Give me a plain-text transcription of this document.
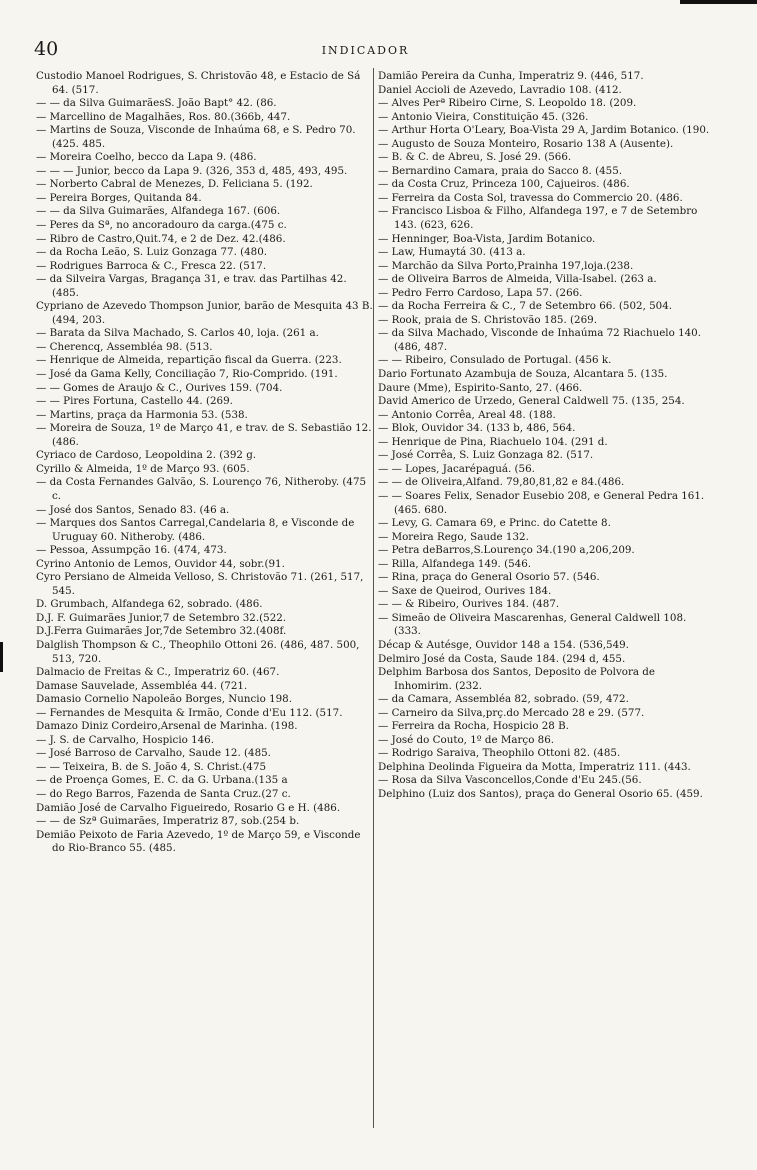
40	INDICADOR

Custodio Manoel Rodrigues, S. Christovão 48, e Estacio de Sá 64. (517.

— — da Silva GuimarãesS. João Bapt° 42. (86.

— Marcellino de Magalhães, Ros. 80.(366b, 447.

— Martins de Souza, Visconde de Inhaúma 68, e S. Pedro 70. (425. 485.

— Moreira Coelho, becco da Lapa 9. (486.

— — — Junior, becco da Lapa 9. (326, 353 d, 485, 493, 495.

— Norberto Cabral de Menezes, D. Feliciana 5. (192.

— Pereira Borges, Quitanda 84.

— — da Silva Guimarães, Alfandega 167. (606.

— Peres da Sª, no ancoradouro da carga.(475 c.

— Ribro de Castro,Quit.74, e 2 de Dez. 42.(486.

— da Rocha Leão, S. Luiz Gonzaga 77. (480.

— Rodrigues Barroca & C., Fresca 22. (517.

— da Silveira Vargas, Bragança 31, e trav. das Partilhas 42. (485.

Cypriano de Azevedo Thompson Junior, barão de Mesquita 43 B. (494, 203.

— Barata da Silva Machado, S. Carlos 40, loja. (261 a.

— Cherencq, Assembléa 98. (513.

— Henrique de Almeida, repartição fiscal da Guerra. (223.

— José da Gama Kelly, Conciliação 7, Rio-Comprido. (191.

— — Gomes de Araujo & C., Ourives 159. (704.

— — Pires Fortuna, Castello 44. (269.

— Martins, praça da Harmonia 53. (538.

— Moreira de Souza, 1º de Março 41, e trav. de S. Sebastião 12. (486.

Cyriaco de Cardoso, Leopoldina 2. (392 g.

Cyrillo & Almeida, 1º de Março 93. (605.

— da Costa Fernandes Galvão, S. Lourenço 76, Nitheroby. (475 c.

— José dos Santos, Senado 83. (46 a.

— Marques dos Santos Carregal,Candelaria 8, e Visconde de Uruguay 60. Nitheroby. (486.

— Pessoa, Assumpção 16. (474, 473.

Cyrino Antonio de Lemos, Ouvidor 44, sobr.(91.

Cyro Persiano de Almeida Velloso, S. Christovão 71. (261, 517, 545.

D. Grumbach, Alfandega 62, sobrado. (486.

D.J. F. Guimarães Junior,7 de Setembro 32.(522.

D.J.Ferra Guimarães Jor,7de Setembro 32.(408f.

Dalglish Thompson & C., Theophilo Ottoni 26. (486, 487. 500, 513, 720.

Dalmacio de Freitas & C., Imperatriz 60. (467.

Damase Sauvelade, Assembléa 44. (721.

Damasio Cornelio Napoleão Borges, Nuncio 198.

— Fernandes de Mesquita & Irmão, Conde d'Eu 112. (517.

Damazo Diniz Cordeiro,Arsenal de Marinha. (198.

— J. S. de Carvalho, Hospicio 146.

— José Barroso de Carvalho, Saude 12. (485.

— — Teixeira, B. de S. João 4, S. Christ.(475

— de Proença Gomes, E. C. da G. Urbana.(135 a

— do Rego Barros, Fazenda de Santa Cruz.(27 c.

Damião José de Carvalho Figueiredo, Rosario G e H. (486.

— — de Szª Guimarães, Imperatriz 87, sob.(254 b.

Demião Peixoto de Faria Azevedo, 1º de Março 59, e Visconde do Rio-Branco 55. (485.

Damião Pereira da Cunha, Imperatriz 9. (446, 517.

Daniel Accioli de Azevedo, Lavradio 108. (412.

— Alves Perª Ribeiro Cirne, S. Leopoldo 18. (209.

— Antonio Vieira, Constituição 45. (326.

— Arthur Horta O'Leary, Boa-Vista 29 A, Jardim Botanico. (190.

— Augusto de Souza Monteiro, Rosario 138 A (Ausente).

— B. & C. de Abreu, S. José 29. (566.

— Bernardino Camara, praia do Sacco 8. (455.

— da Costa Cruz, Princeza 100, Cajueiros. (486.

— Ferreira da Costa Sol, travessa do Commercio 20. (486.

— Francisco Lisboa & Filho, Alfandega 197, e 7 de Setembro 143. (623, 626.

— Henninger, Boa-Vista, Jardim Botanico.

— Law, Humaytá 30. (413 a.

— Marchão da Silva Porto,Prainha 197,loja.(238.

— de Oliveira Barros de Almeida, Villa-Isabel. (263 a.

— Pedro Ferro Cardoso, Lapa 57. (266.

— da Rocha Ferreira & C., 7 de Setembro 66. (502, 504.

— Rook, praia de S. Christovão 185. (269.

— da Silva Machado, Visconde de Inhaúma 72 Riachuelo 140. (486, 487.

— — Ribeiro, Consulado de Portugal. (456 k.

Dario Fortunato Azambuja de Souza, Alcantara 5. (135.

Daure (Mme), Espirito-Santo, 27. (466.

David Americo de Urzedo, General Caldwell 75. (135, 254.

— Antonio Corrêa, Areal 48. (188.

— Blok, Ouvidor 34. (133 b, 486, 564.

— Henrique de Pina, Riachuelo 104. (291 d.

— José Corrêa, S. Luiz Gonzaga 82. (517.

— — Lopes, Jacarépaguá. (56.

— — de Oliveira,Alfand. 79,80,81,82 e 84.(486.

— — Soares Felix, Senador Eusebio 208, e General Pedra 161. (465. 680.

— Levy, G. Camara 69, e Princ. do Catette 8.

— Moreira Rego, Saude 132.

— Petra deBarros,S.Lourenço 34.(190 a,206,209.

— Rilla, Alfandega 149. (546.

— Rina, praça do General Osorio 57. (546.

— Saxe de Queirod, Ourives 184.

— — & Ribeiro, Ourives 184. (487.

— Simeão de Oliveira Mascarenhas, General Caldwell 108. (333.

Décap & Autésge, Ouvidor 148 a 154. (536,549.

Delmiro José da Costa, Saude 184. (294 d, 455.

Delphim Barbosa dos Santos, Deposito de Polvora de Inhomirim. (232.

— da Camara, Assembléa 82, sobrado. (59, 472.

— Carneiro da Silva,prç.do Mercado 28 e 29. (577.

— Ferreira da Rocha, Hospicio 28 B.

— José do Couto, 1º de Março 86.

— Rodrigo Saraiva, Theophilo Ottoni 82. (485.

Delphina Deolinda Figueira da Motta, Imperatriz 111. (443.

— Rosa da Silva Vasconcellos,Conde d'Eu 245.(56.

Delphino (Luiz dos Santos), praça do General Osorio 65. (459.
